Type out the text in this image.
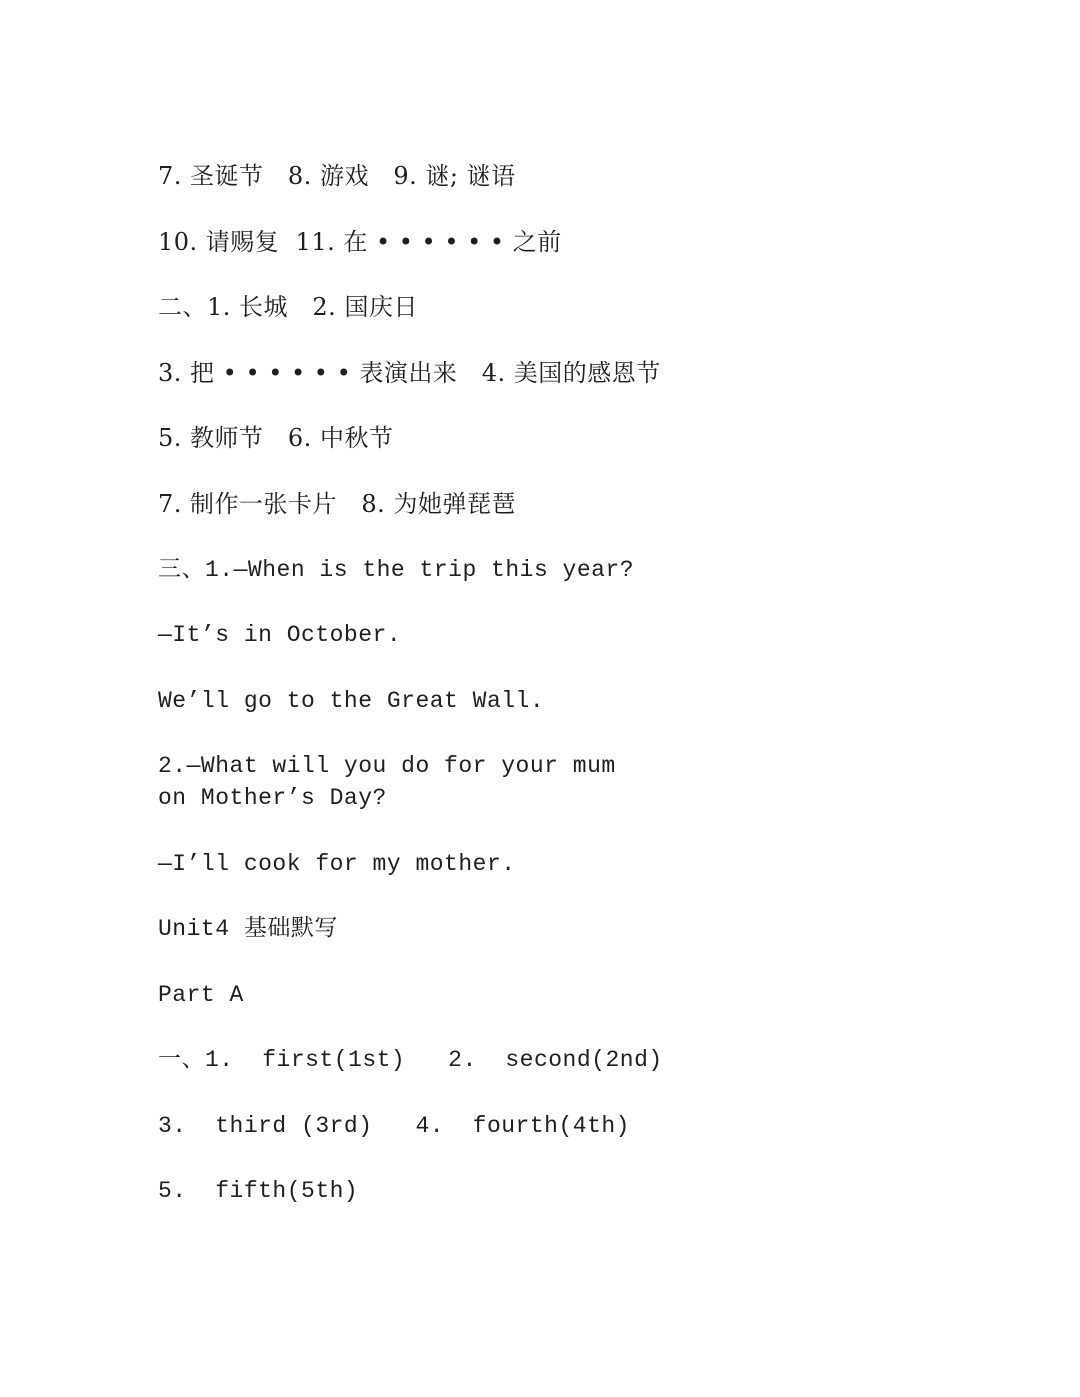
7. 圣诞节   8. 游戏   9. 谜; 谜语
10. 请赐复  11. 在 • • • • • • 之前
二、1. 长城   2. 国庆日
3. 把 • • • • • • 表演出来   4. 美国的感恩节
5. 教师节   6. 中秋节
7. 制作一张卡片   8. 为她弹琵琶
三、1.—When is the trip this year?
—It’s in October.
We’ll go to the Great Wall.
2.—What will you do for your mum on Mother’s Day?
—I’ll cook for my mother.
Unit4 基础默写
Part A
一、1.  first(1st)   2.  second(2nd)
3.  third (3rd)   4.  fourth(4th)
5.  fifth(5th)
